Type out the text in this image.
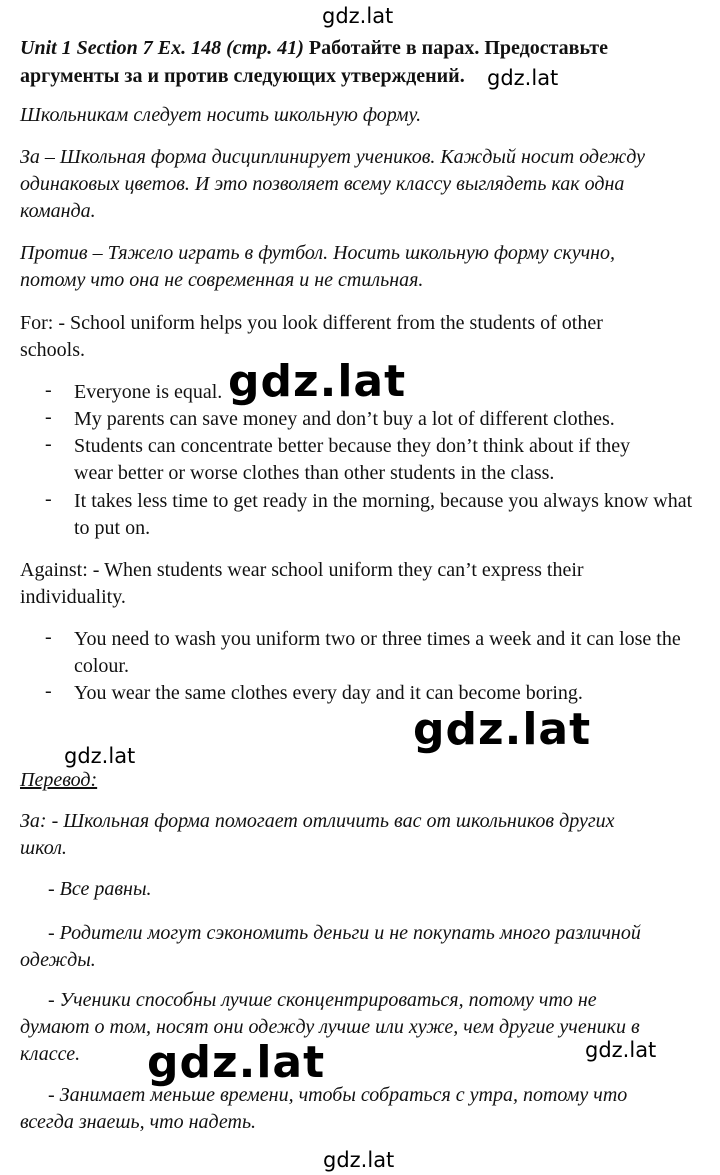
gdz.lat
gdz.lat
gdz.lat
gdz.lat
gdz.lat
gdz.lat
gdz.lat
gdz.lat
Unit 1 Section 7 Ex. 148 (стр. 41) Работайте в парах. Предоставьте аргументы за и против следующих утверждений.
Школьникам следует носить школьную форму.
За – Школьная форма дисциплинирует учеников. Каждый носит одежду одинаковых цветов. И это позволяет всему классу выглядеть как одна команда.
Против – Тяжело играть в футбол. Носить школьную форму скучно, потому что она не современная и не стильная.
For: - School uniform helps you look different from the students of other schools.
- Everyone is equal.
- My parents can save money and don’t buy a lot of different clothes.
- Students can concentrate better because they don’t think about if they wear better or worse clothes than other students in the class.
- It takes less time to get ready in the morning, because you always know what to put on.
Against: - When students wear school uniform they can’t express their individuality.
- You need to wash you uniform two or three times a week and it can lose the colour.
- You wear the same clothes every day and it can become boring.
Перевод:
За: - Школьная форма помогает отличить вас от школьников других школ.
- Все равны.
- Родители могут сэкономить деньги и не покупать много различной одежды.
- Ученики способны лучше сконцентрироваться, потому что не думают о том, носят они одежду лучше или хуже, чем другие ученики в классе.
- Занимает меньше времени, чтобы собраться с утра, потому что всегда знаешь, что надеть.
